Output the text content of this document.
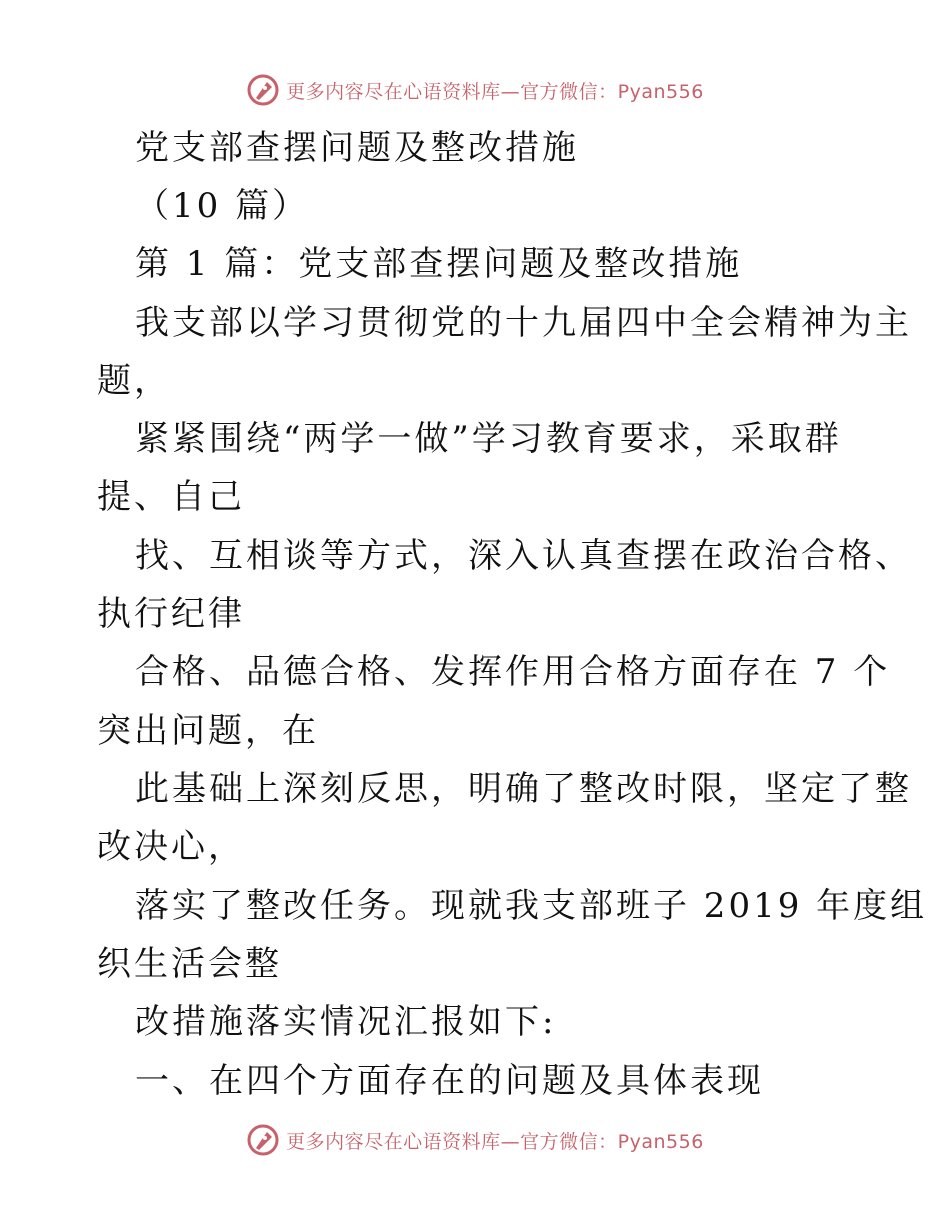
更多内容尽在心语资料库—官方微信：Pyan556
党支部查摆问题及整改措施
（10 篇）
第 1 篇：党支部查摆问题及整改措施
我支部以学习贯彻党的十九届四中全会精神为主
题，
紧紧围绕“两学一做”学习教育要求，采取群
提、自己
找、互相谈等方式，深入认真查摆在政治合格、
执行纪律
合格、品德合格、发挥作用合格方面存在 7 个
突出问题，在
此基础上深刻反思，明确了整改时限，坚定了整
改决心，
落实了整改任务。现就我支部班子 2019 年度组
织生活会整
改措施落实情况汇报如下:
一、在四个方面存在的问题及具体表现
更多内容尽在心语资料库—官方微信：Pyan556
